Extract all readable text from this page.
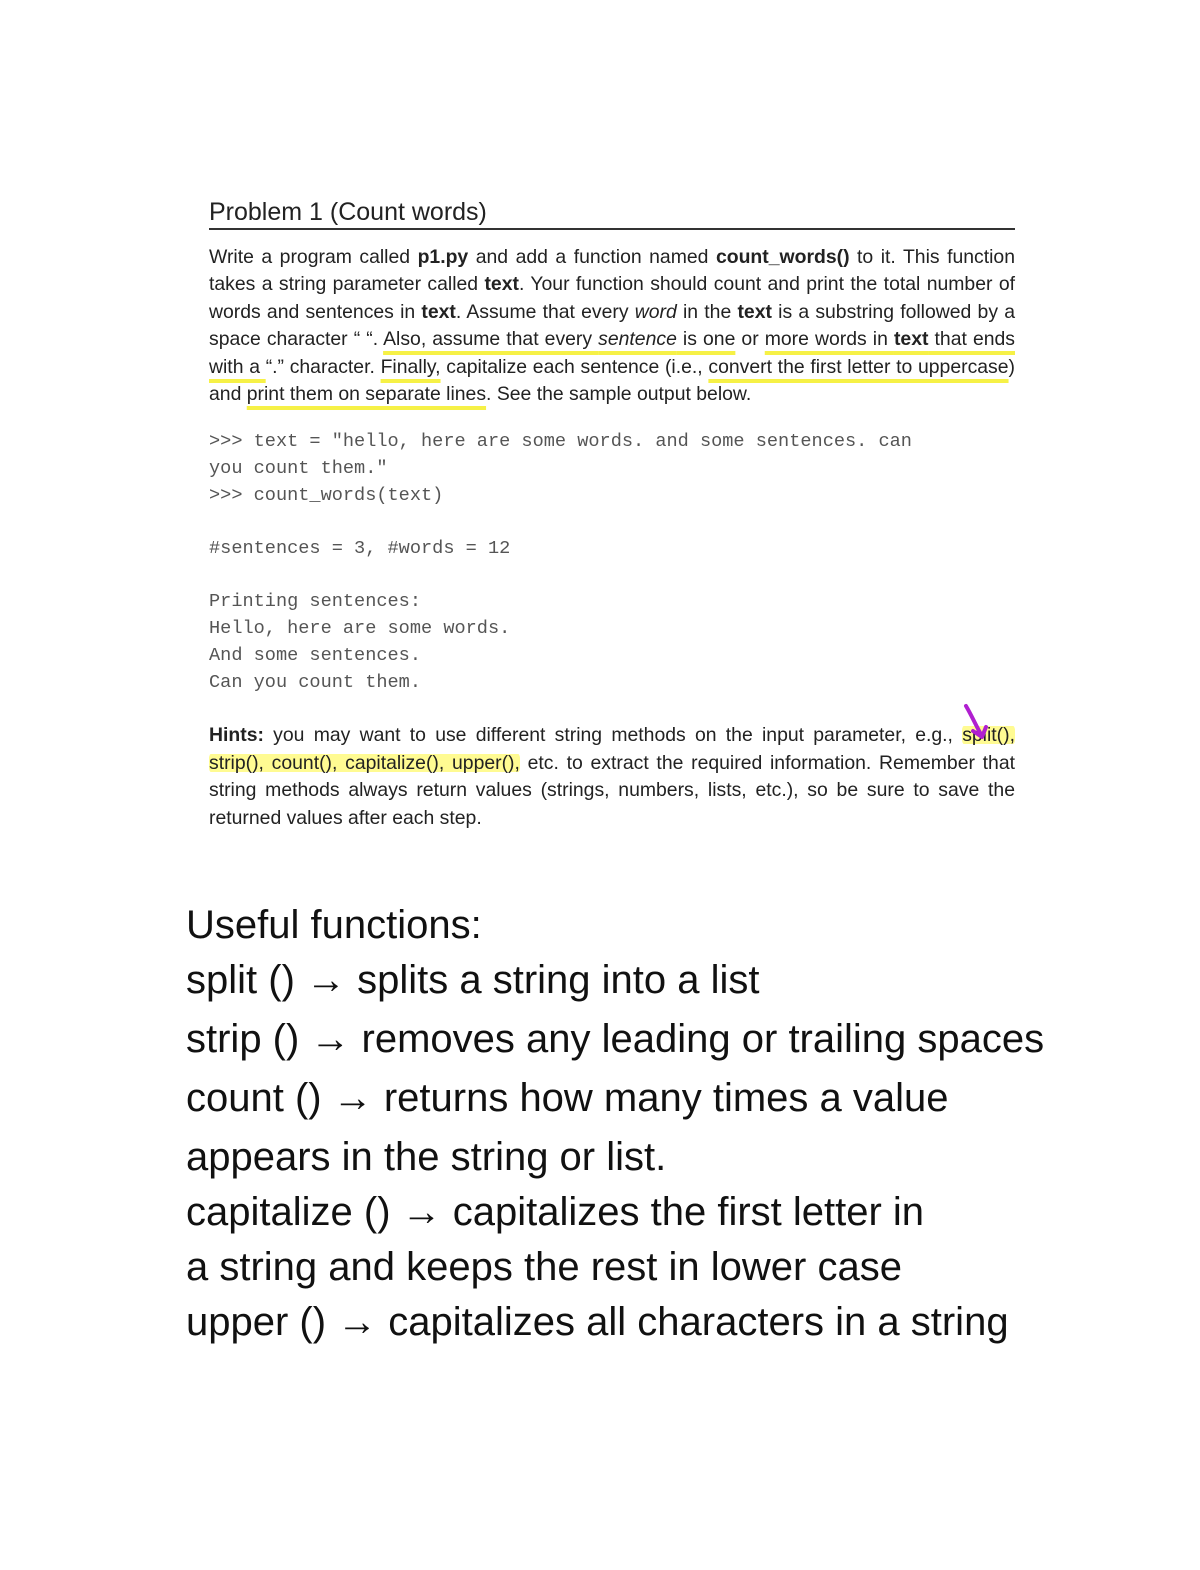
Problem 1 (Count words)
Write a program called p1.py and add a function named count_words() to it. This function takes a string parameter called text. Your function should count and print the total number of words and sentences in text. Assume that every word in the text is a substring followed by a space character “ “. Also, assume that every sentence is one or more words in text that ends with a “.” character. Finally, capitalize each sentence (i.e., convert the first letter to uppercase) and print them on separate lines. See the sample output below.
>>> text = "hello, here are some words. and some sentences. can
you count them."
>>> count_words(text)
#sentences = 3, #words = 12
Printing sentences:
Hello, here are some words.
And some sentences.
Can you count them.
Hints: you may want to use different string methods on the input parameter, e.g., split(), strip(), count(), capitalize(), upper(), etc. to extract the required information. Remember that string methods always return values (strings, numbers, lists, etc.), so be sure to save the returned values after each step.
Useful functions:
split () → splits a string into a list
strip () → removes any leading or trailing spaces
count () → returns how many times a value
appears in the string or list.
capitalize () → capitalizes the first letter in
a string and keeps the rest in lower case
upper () → capitalizes all characters in a string
